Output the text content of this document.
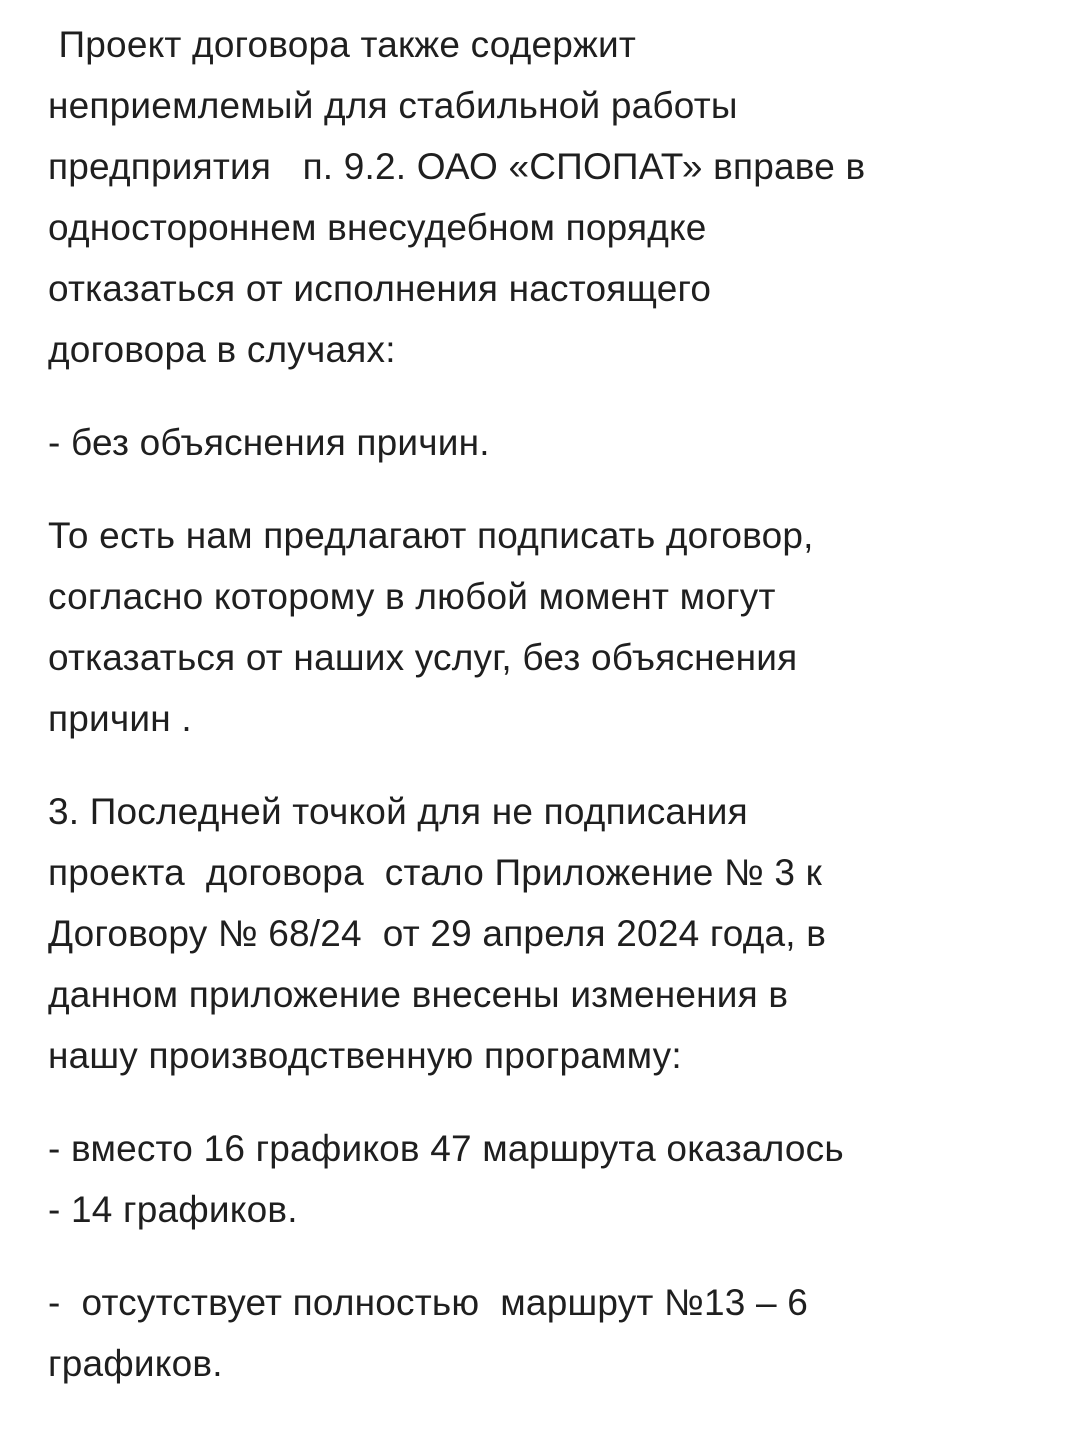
Проект договора также содержит
неприемлемый для стабильной работы
предприятия   п. 9.2. ОАО «СПОПАТ» вправе в
одностороннем внесудебном порядке
отказаться от исполнения настоящего
договора в случаях:
- без объяснения причин.
То есть нам предлагают подписать договор,
согласно которому в любой момент могут
отказаться от наших услуг, без объяснения
причин .
3. Последней точкой для не подписания
проекта  договора  стало Приложение № 3 к
Договору № 68/24  от 29 апреля 2024 года, в
данном приложение внесены изменения в
нашу производственную программу:
- вместо 16 графиков 47 маршрута оказалось
- 14 графиков.
-  отсутствует полностью  маршрут №13 – 6
графиков.
